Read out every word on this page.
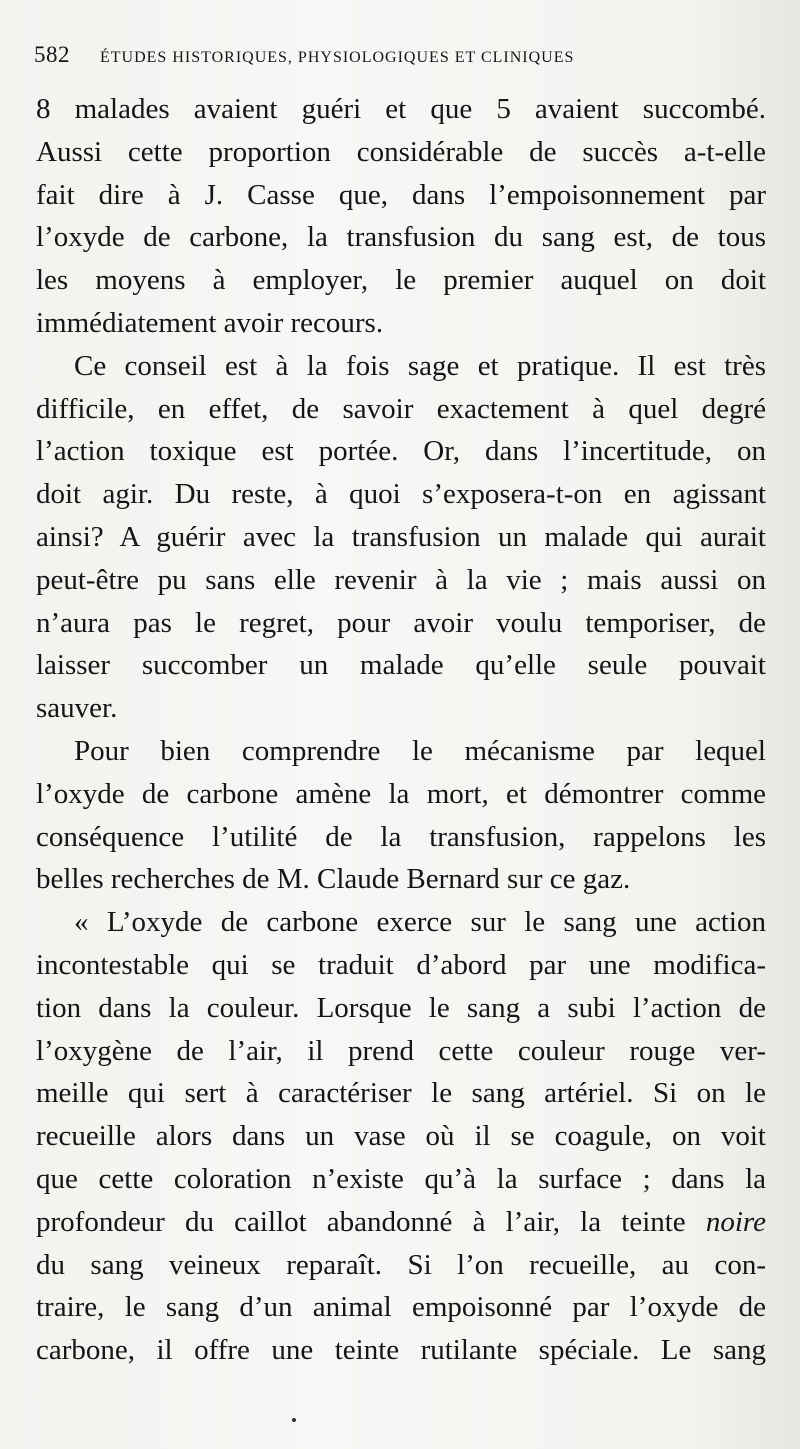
582 ÉTUDES HISTORIQUES, PHYSIOLOGIQUES ET CLINIQUES
8 malades avaient guéri et que 5 avaient succombé.
Aussi cette proportion considérable de succès a-t-elle
fait dire à J. Casse que, dans l’empoisonnement par
l’oxyde de carbone, la transfusion du sang est, de tous
les moyens à employer, le premier auquel on doit
immédiatement avoir recours.
Ce conseil est à la fois sage et pratique. Il est très
difficile, en effet, de savoir exactement à quel degré
l’action toxique est portée. Or, dans l’incertitude, on
doit agir. Du reste, à quoi s’exposera-t-on en agissant
ainsi? A guérir avec la transfusion un malade qui aurait
peut-être pu sans elle revenir à la vie ; mais aussi on
n’aura pas le regret, pour avoir voulu temporiser, de
laisser succomber un malade qu’elle seule pouvait
sauver.
Pour bien comprendre le mécanisme par lequel
l’oxyde de carbone amène la mort, et démontrer comme
conséquence l’utilité de la transfusion, rappelons les
belles recherches de M. Claude Bernard sur ce gaz.
« L’oxyde de carbone exerce sur le sang une action
incontestable qui se traduit d’abord par une modifica-
tion dans la couleur. Lorsque le sang a subi l’action de
l’oxygène de l’air, il prend cette couleur rouge ver-
meille qui sert à caractériser le sang artériel. Si on le
recueille alors dans un vase où il se coagule, on voit
que cette coloration n’existe qu’à la surface ; dans la
profondeur du caillot abandonné à l’air, la teinte noire
du sang veineux reparaît. Si l’on recueille, au con-
traire, le sang d’un animal empoisonné par l’oxyde de
carbone, il offre une teinte rutilante spéciale. Le sang
